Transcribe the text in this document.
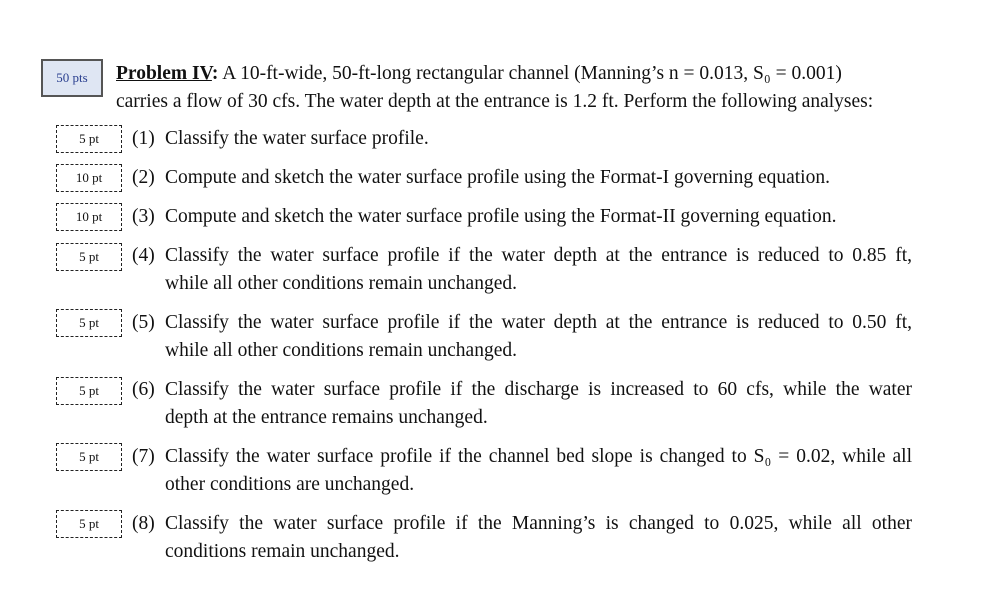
50 pts	Problem IV: A 10-ft-wide, 50-ft-long rectangular channel (Manning’s n = 0.013, S₀ = 0.001)
carries a flow of 30 cfs. The water depth at the entrance is 1.2 ft. Perform the following analyses:
5 pt	(1) Classify the water surface profile.
10 pt	(2) Compute and sketch the water surface profile using the Format-I governing equation.
10 pt	(3) Compute and sketch the water surface profile using the Format-II governing equation.
5 pt	(4) Classify the water surface profile if the water depth at the entrance is reduced to 0.85 ft,
while all other conditions remain unchanged.
5 pt	(5) Classify the water surface profile if the water depth at the entrance is reduced to 0.50 ft,
while all other conditions remain unchanged.
5 pt	(6) Classify the water surface profile if the discharge is increased to 60 cfs, while the water
depth at the entrance remains unchanged.
5 pt	(7) Classify the water surface profile if the channel bed slope is changed to S₀ = 0.02, while all
other conditions are unchanged.
5 pt	(8) Classify the water surface profile if the Manning’s is changed to 0.025, while all other
conditions remain unchanged.
